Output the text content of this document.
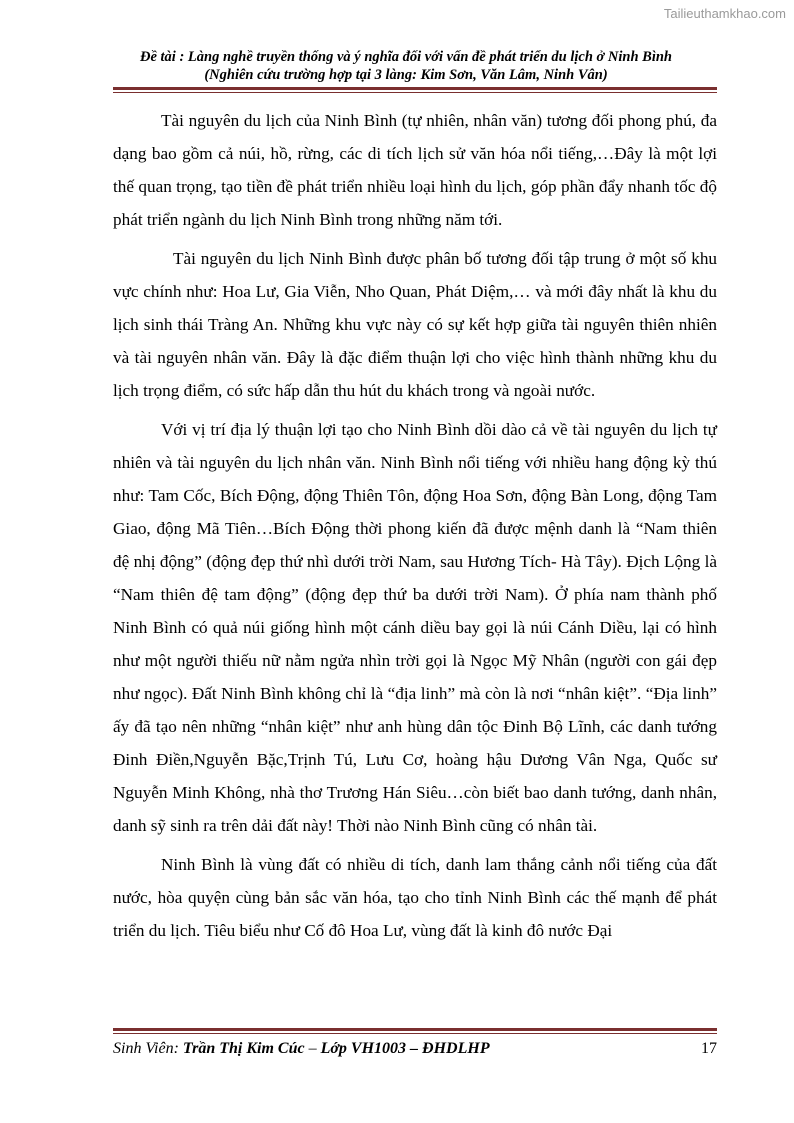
Tailieuthamkhao.com
Đề tài : Làng nghề truyền thống và ý nghĩa đối với vấn đề phát triển du lịch ở Ninh Bình
(Nghiên cứu trường hợp tại 3 làng: Kim Sơn, Văn Lâm, Ninh Vân)

Tài nguyên du lịch của Ninh Bình (tự nhiên, nhân văn) tương đối phong phú, đa dạng bao gồm cả núi, hồ, rừng, các di tích lịch sử văn hóa nổi tiếng,…Đây là một lợi thế quan trọng, tạo tiền đề phát triển nhiều loại hình du lịch, góp phần đẩy nhanh tốc độ phát triển ngành du lịch Ninh Bình trong những năm tới.

Tài nguyên du lịch Ninh Bình được phân bố tương đối tập trung ở một số khu vực chính như: Hoa Lư, Gia Viễn, Nho Quan, Phát Diệm,… và mới đây nhất là khu du lịch sinh thái Tràng An. Những khu vực này có sự kết hợp giữa tài nguyên thiên nhiên và tài nguyên nhân văn. Đây là đặc điểm thuận lợi cho việc hình thành những khu du lịch trọng điểm, có sức hấp dẫn thu hút du khách trong và ngoài nước.

Với vị trí địa lý thuận lợi tạo cho Ninh Bình dồi dào cả về tài nguyên du lịch tự nhiên và tài nguyên du lịch nhân văn. Ninh Bình nổi tiếng với nhiều hang động kỳ thú như: Tam Cốc, Bích Động, động Thiên Tôn, động Hoa Sơn, động Bàn Long, động Tam Giao, động Mã Tiên…Bích Động thời phong kiến đã được mệnh danh là “Nam thiên đệ nhị động” (động đẹp thứ nhì dưới trời Nam, sau Hương Tích- Hà Tây). Địch Lộng là “Nam thiên đệ tam động” (động đẹp thứ ba dưới trời Nam). Ở phía nam thành phố Ninh Bình có quả núi giống hình một cánh diều bay gọi là núi Cánh Diều, lại có hình như một người thiếu nữ nằm ngửa nhìn trời gọi là Ngọc Mỹ Nhân (người con gái đẹp như ngọc). Đất Ninh Bình không chỉ là “địa linh” mà còn là nơi “nhân kiệt”. “Địa linh” ấy đã tạo nên những “nhân kiệt” như anh hùng dân tộc Đinh Bộ Lĩnh, các danh tướng Đinh Điền,Nguyễn Bặc,Trịnh Tú, Lưu Cơ, hoàng hậu Dương Vân Nga, Quốc sư Nguyễn Minh Không, nhà thơ Trương Hán Siêu…còn biết bao danh tướng, danh nhân, danh sỹ sinh ra trên dải đất này! Thời nào Ninh Bình cũng có nhân tài.

Ninh Bình là vùng đất có nhiều di tích, danh lam thắng cảnh nổi tiếng của đất nước, hòa quyện cùng bản sắc văn hóa, tạo cho tỉnh Ninh Bình các thế mạnh để phát triển du lịch. Tiêu biểu như Cố đô Hoa Lư, vùng đất là kinh đô nước Đại

Sinh Viên: Trần Thị Kim Cúc – Lớp VH1003 – ĐHDLHP	17
